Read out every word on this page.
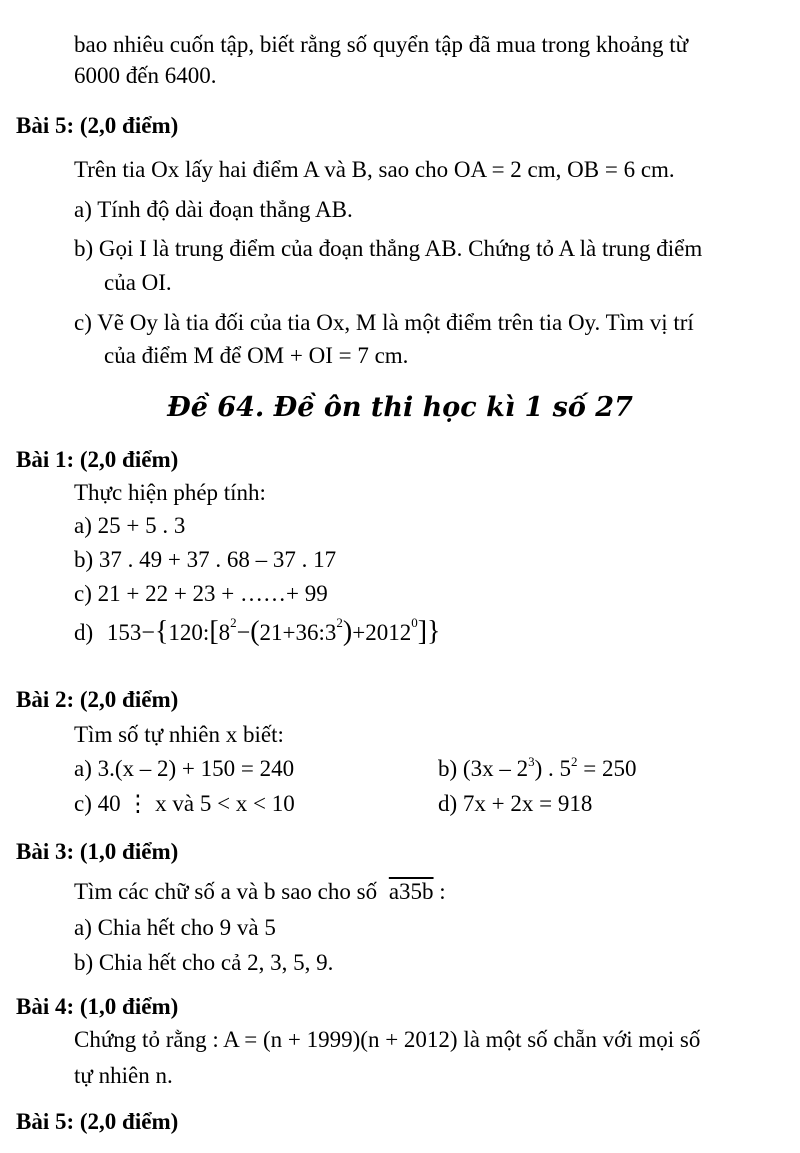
bao nhiêu cuốn tập, biết rằng số quyển tập đã mua trong khoảng từ
6000 đến 6400.
Bài 5: (2,0 điểm)
Trên tia Ox lấy hai điểm A và B, sao cho OA = 2 cm, OB = 6 cm.
a) Tính độ dài đoạn thẳng AB.
b) Gọi I là trung điểm của đoạn thẳng AB. Chứng tỏ A là trung điểm
của OI.
c) Vẽ Oy là tia đối của tia Ox, M là một điểm trên tia Oy. Tìm vị trí
của điểm M để OM + OI = 7 cm.
Đề 64. Đề ôn thi học kì 1 số 27
Bài 1: (2,0 điểm)
Thực hiện phép tính:
a) 25 + 5 . 3
b) 37 . 49 + 37 . 68 – 37 . 17
c) 21 + 22 + 23 + ……+ 99
d) $153-\{120:[8^2-(21+36:3^2)+2012^0]\}$
Bài 2: (2,0 điểm)
Tìm số tự nhiên x biết:
a) 3.(x – 2) + 150 = 240	b) $(3x - 2^3)$ . $5^2 = 250$
c) 40 ⋮ x và 5 < x < 10	d) 7x + 2x = 918
Bài 3: (1,0 điểm)
Tìm các chữ số a và b sao cho số a35b :
a) Chia hết cho 9 và 5
b) Chia hết cho cả 2, 3, 5, 9.
Bài 4: (1,0 điểm)
Chứng tỏ rằng : A = (n + 1999)(n + 2012) là một số chẵn với mọi số
tự nhiên n.
Bài 5: (2,0 điểm)
